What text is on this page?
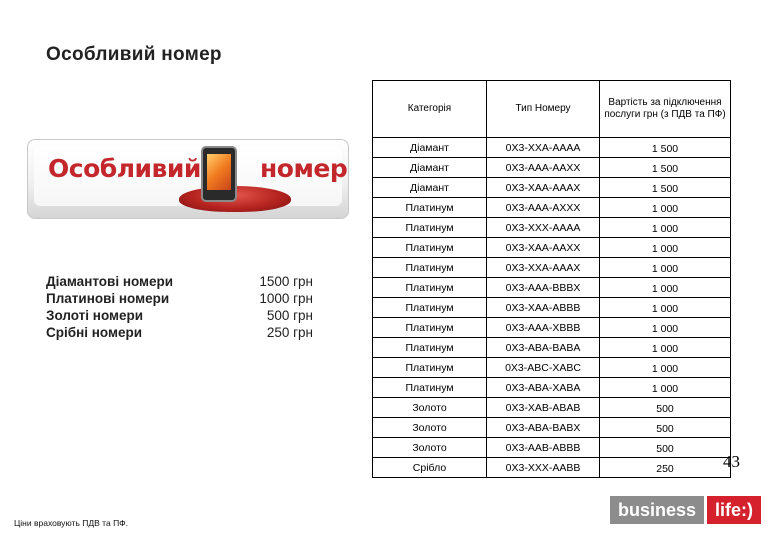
Особливий номер
Особливий номер
Діамантові номери	1500 грн
Платинові номери	1000 грн
Золоті номери	500 грн
Срібні номери	250 грн
Категорія	Тип Номеру	Вартість за підключення послуги грн (з ПДВ та ПФ)
Діамант	0X3-XXA-AAAA	1 500
Діамант	0X3-AAA-AAXX	1 500
Діамант	0X3-XAA-AAAX	1 500
Платинум	0X3-AAA-AXXX	1 000
Платинум	0X3-XXX-AAAA	1 000
Платинум	0X3-XAA-AAXX	1 000
Платинум	0X3-XXA-AAAX	1 000
Платинум	0X3-AAA-BBBX	1 000
Платинум	0X3-XAA-ABBB	1 000
Платинум	0X3-AAA-XBBB	1 000
Платинум	0X3-ABA-BABA	1 000
Платинум	0X3-ABC-XABC	1 000
Платинум	0X3-ABA-XABA	1 000
Золото	0X3-XAB-ABAB	500
Золото	0X3-ABA-BABX	500
Золото	0X3-AAB-ABBB	500
Срібло	0X3-XXX-AABB	250	43
business	life:)
Ціни враховують ПДВ та ПФ.
